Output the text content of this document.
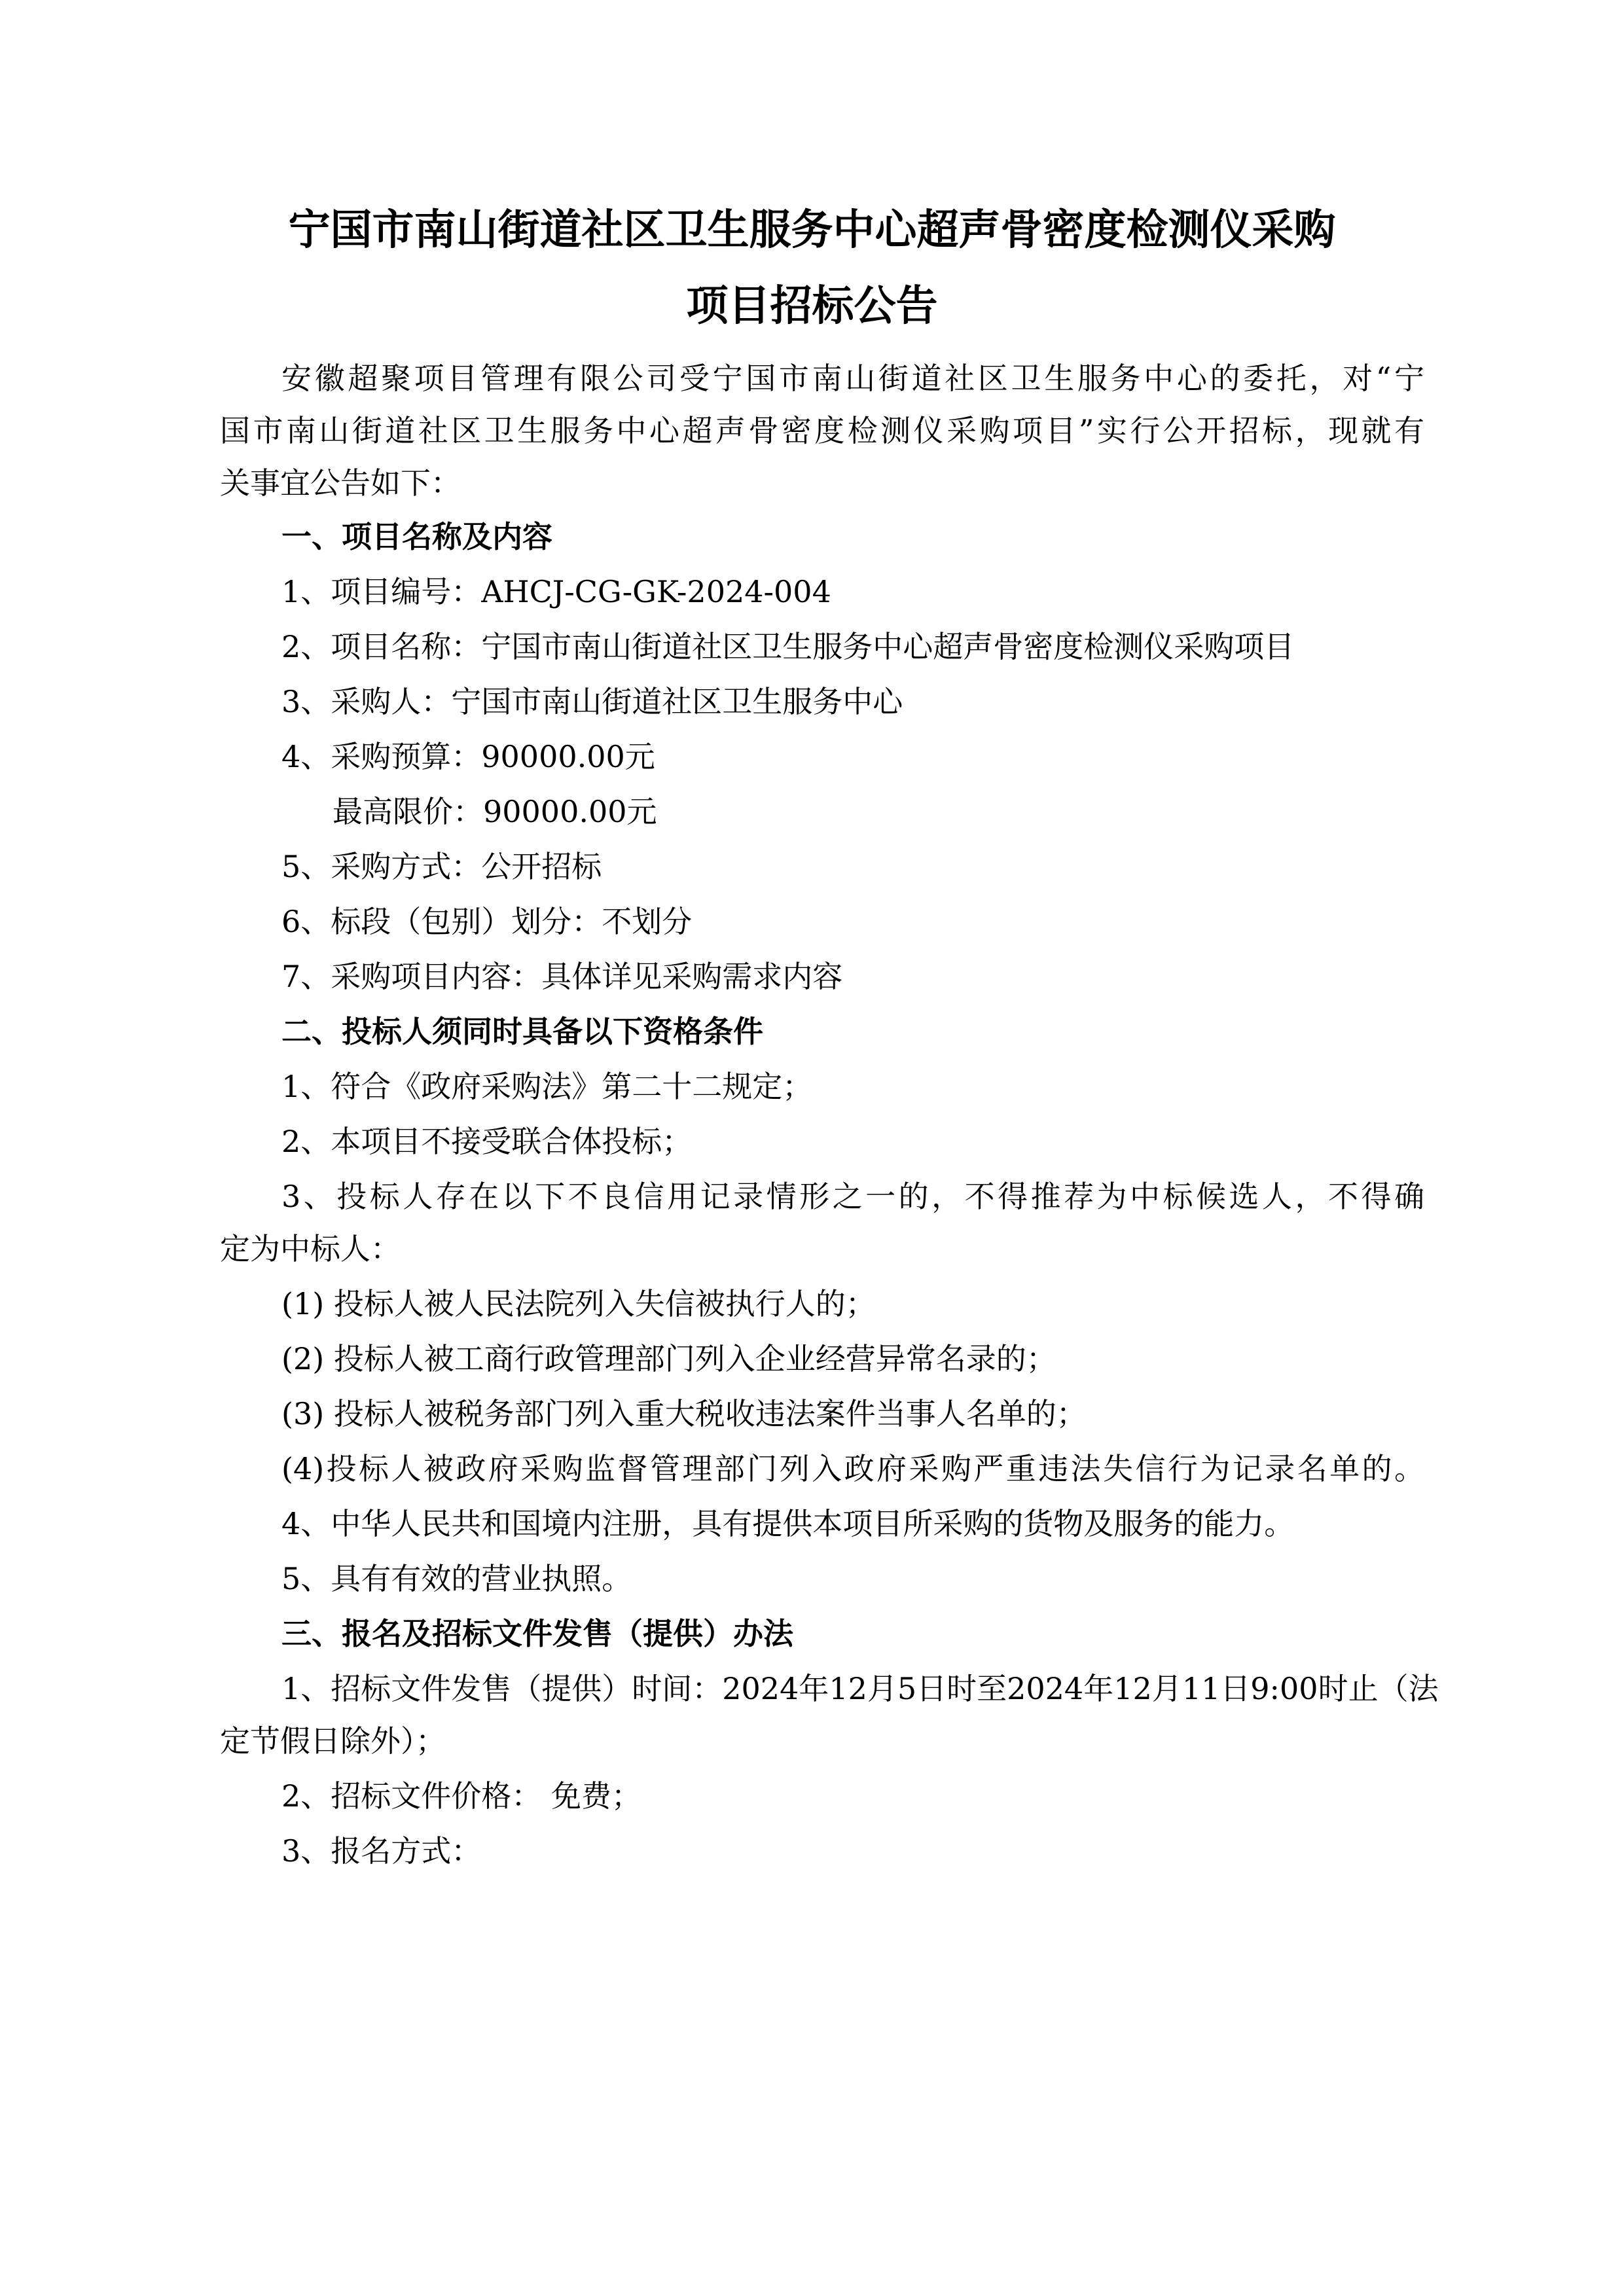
宁国市南山街道社区卫生服务中心超声骨密度检测仪采购
项目招标公告
安徽超聚项目管理有限公司受宁国市南山街道社区卫生服务中心的委托，对“宁
国市南山街道社区卫生服务中心超声骨密度检测仪采购项目”实行公开招标，现就有
关事宜公告如下：
一、项目名称及内容
1、项目编号：AHCJ-CG-GK-2024-004
2、项目名称：宁国市南山街道社区卫生服务中心超声骨密度检测仪采购项目
3、采购人：宁国市南山街道社区卫生服务中心
4、采购预算：90000.00元
最高限价：90000.00元
5、采购方式：公开招标
6、标段（包别）划分：不划分
7、采购项目内容：具体详见采购需求内容
二、投标人须同时具备以下资格条件
1、符合《政府采购法》第二十二规定；
2、本项目不接受联合体投标；
3、投标人存在以下不良信用记录情形之一的，不得推荐为中标候选人，不得确
定为中标人：
(1) 投标人被人民法院列入失信被执行人的；
(2) 投标人被工商行政管理部门列入企业经营异常名录的；
(3) 投标人被税务部门列入重大税收违法案件当事人名单的；
(4)投标人被政府采购监督管理部门列入政府采购严重违法失信行为记录名单的。
4、中华人民共和国境内注册，具有提供本项目所采购的货物及服务的能力。
5、具有有效的营业执照。
三、报名及招标文件发售（提供）办法
1、招标文件发售（提供）时间：2024年12月5日时至2024年12月11日9:00时止（法
定节假日除外）；
2、招标文件价格： 免费；
3、报名方式：
